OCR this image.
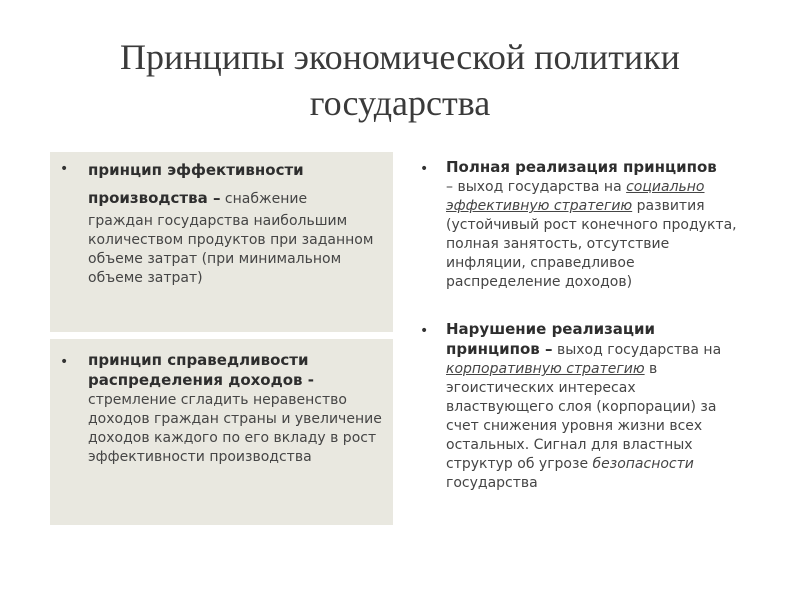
Принципы экономической политики
государства
• принцип эффективности
производства – снабжение
граждан государства наибольшим количеством продуктов при заданном объеме затрат (при минимальном объеме затрат)
• принцип справедливости распределения доходов -
стремление сгладить неравенство доходов граждан страны и увеличение доходов каждого по его вкладу в рост эффективности производства
• Полная реализация принципов
– выход государства на социально эффективную стратегию развития (устойчивый рост конечного продукта, полная занятость, отсутствие инфляции, справедливое распределение доходов)
• Нарушение реализации
принципов – выход государства на корпоративную стратегию в эгоистических интересах властвующего слоя (корпорации) за счет снижения уровня жизни всех остальных. Сигнал для властных структур об угрозе безопасности государства
